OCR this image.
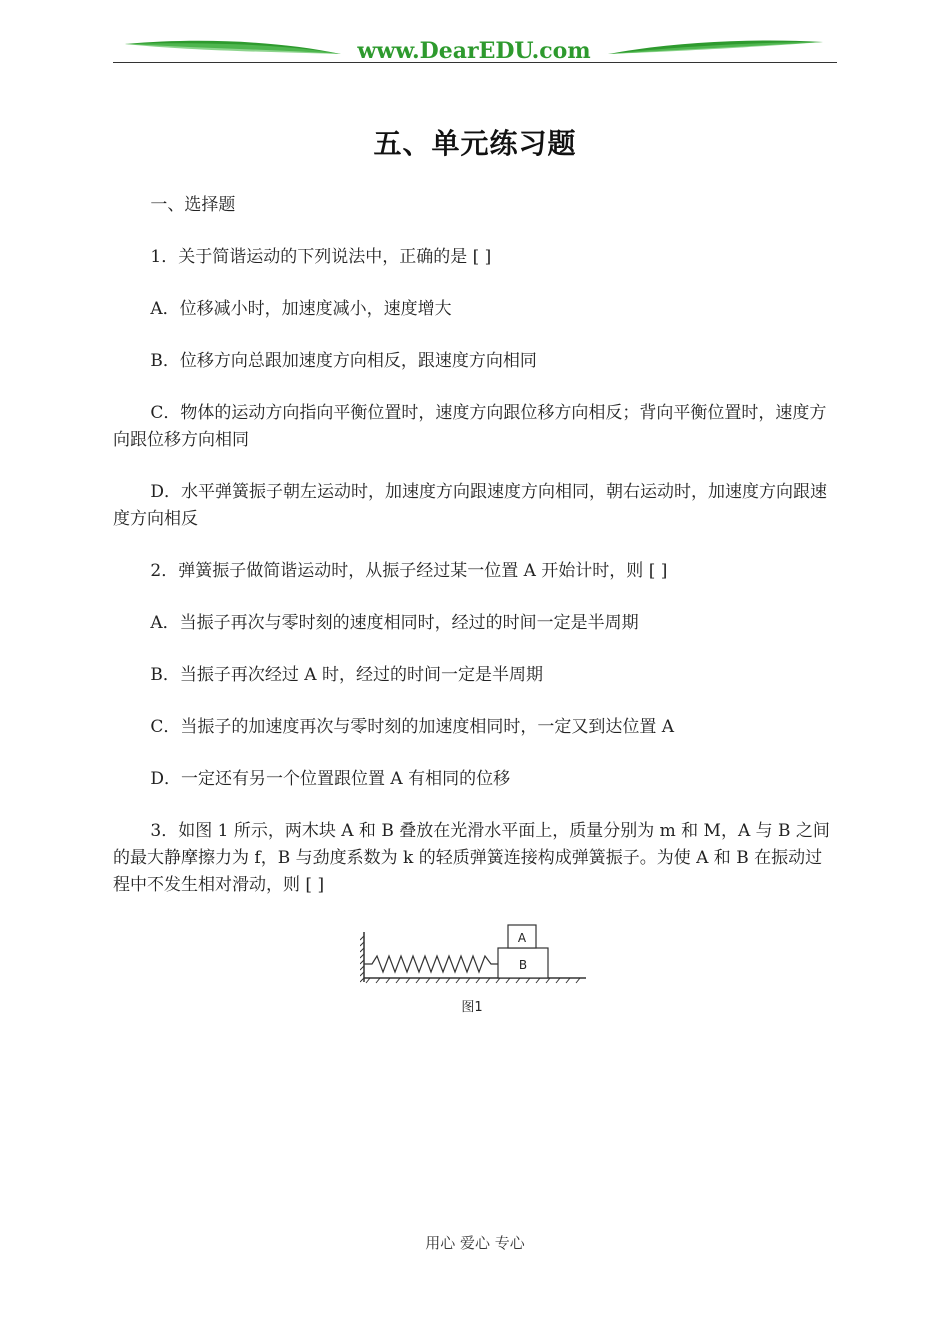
www.DearEDU.com
五、单元练习题

一、选择题

1．关于简谐运动的下列说法中，正确的是 [ ]

A．位移减小时，加速度减小，速度增大

B．位移方向总跟加速度方向相反，跟速度方向相同

C．物体的运动方向指向平衡位置时，速度方向跟位移方向相反；背向平衡位置时，速度方向跟位移方向相同

D．水平弹簧振子朝左运动时，加速度方向跟速度方向相同，朝右运动时，加速度方向跟速度方向相反

2．弹簧振子做简谐运动时，从振子经过某一位置 A 开始计时，则 [ ]

A．当振子再次与零时刻的速度相同时，经过的时间一定是半周期

B．当振子再次经过 A 时，经过的时间一定是半周期

C．当振子的加速度再次与零时刻的加速度相同时，一定又到达位置 A

D．一定还有另一个位置跟位置 A 有相同的位移

3．如图 1 所示，两木块 A 和 B 叠放在光滑水平面上，质量分别为 m 和 M，A 与 B 之间的最大静摩擦力为 f，B 与劲度系数为 k 的轻质弹簧连接构成弹簧振子。为使 A 和 B 在振动过程中不发生相对滑动，则 [ ]

A
B
图1
用心 爱心 专心
